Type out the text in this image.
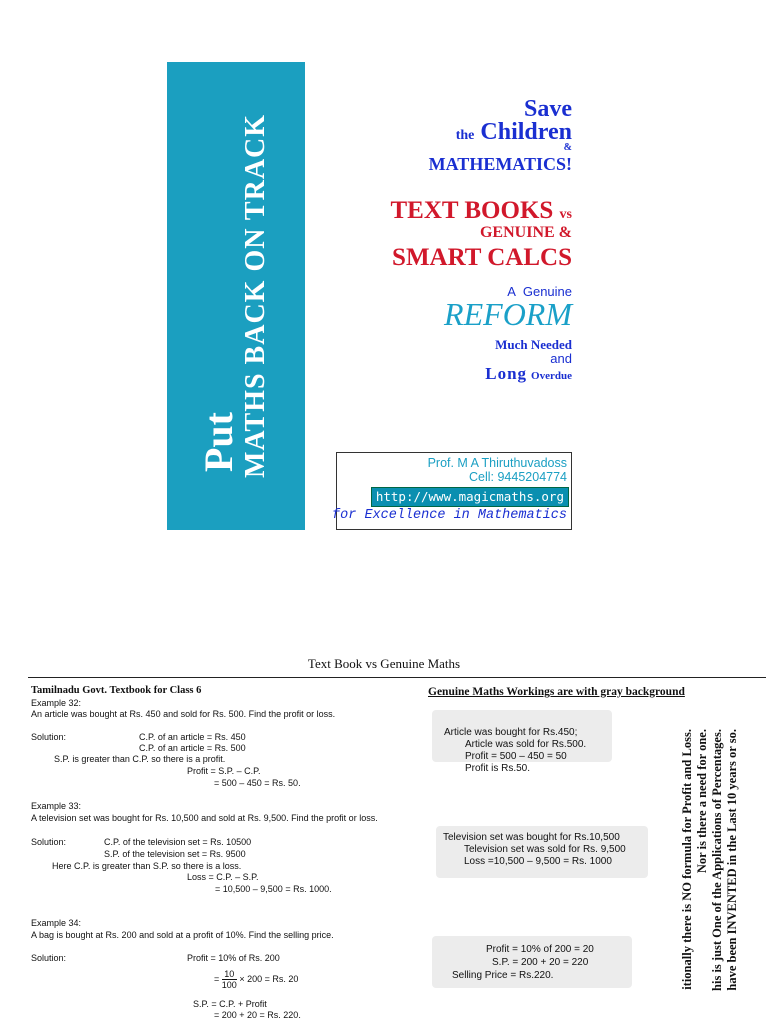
Put MATHS BACK ON TRACK
Save
the Children
&
MATHEMATICS!
TEXT BOOKS vs
GENUINE &
SMART CALCS
A Genuine
REFORM
Much Needed
and
Long Overdue
Prof. M A Thiruthuvadoss
Cell: 9445204774
http://www.magicmaths.org
for Excellence in Mathematics
Text Book vs Genuine Maths
Tamilnadu Govt. Textbook for Class 6	Genuine Maths Workings are with gray background
Example 32:
An article was bought at Rs. 450 and sold for Rs. 500. Find the profit or loss.
Solution:	C.P. of an article = Rs. 450
C.P. of an article = Rs. 500
S.P. is greater than C.P. so there is a profit.
Profit = S.P. – C.P.
= 500 – 450 = Rs. 50.
Example 33:
A television set was bought for Rs. 10,500 and sold at Rs. 9,500. Find the profit or loss.
Solution:	C.P. of the television set = Rs. 10500
S.P. of the television set = Rs. 9500
Here C.P. is greater than S.P. so there is a loss.
Loss = C.P. – S.P.
= 10,500 – 9,500 = Rs. 1000.
Example 34:
A bag is bought at Rs. 200 and sold at a profit of 10%. Find the selling price.
Solution:	Profit = 10% of Rs. 200
= $\frac{10}{100} \times 200 = Rs$. 20
S.P. = C.P. + Profit
= 200 + 20 = Rs. 220.
Article was bought for Rs.450;
Article was sold for Rs.500.
Profit = 500 – 450 = 50
Profit is Rs.50.
Television set was bought for Rs.10,500
Television set was sold for Rs. 9,500
Loss =10,500 – 9,500 = Rs. 1000
Profit = 10% of 200 = 20
S.P. = 200 + 20 = 220
Selling Price = Rs.220.	itionally there is NO formula for Profit and Loss. Nor is there a need for one. his is just One of the Applications of Percentages. have been INVENTED in the Last 10 years or so.
